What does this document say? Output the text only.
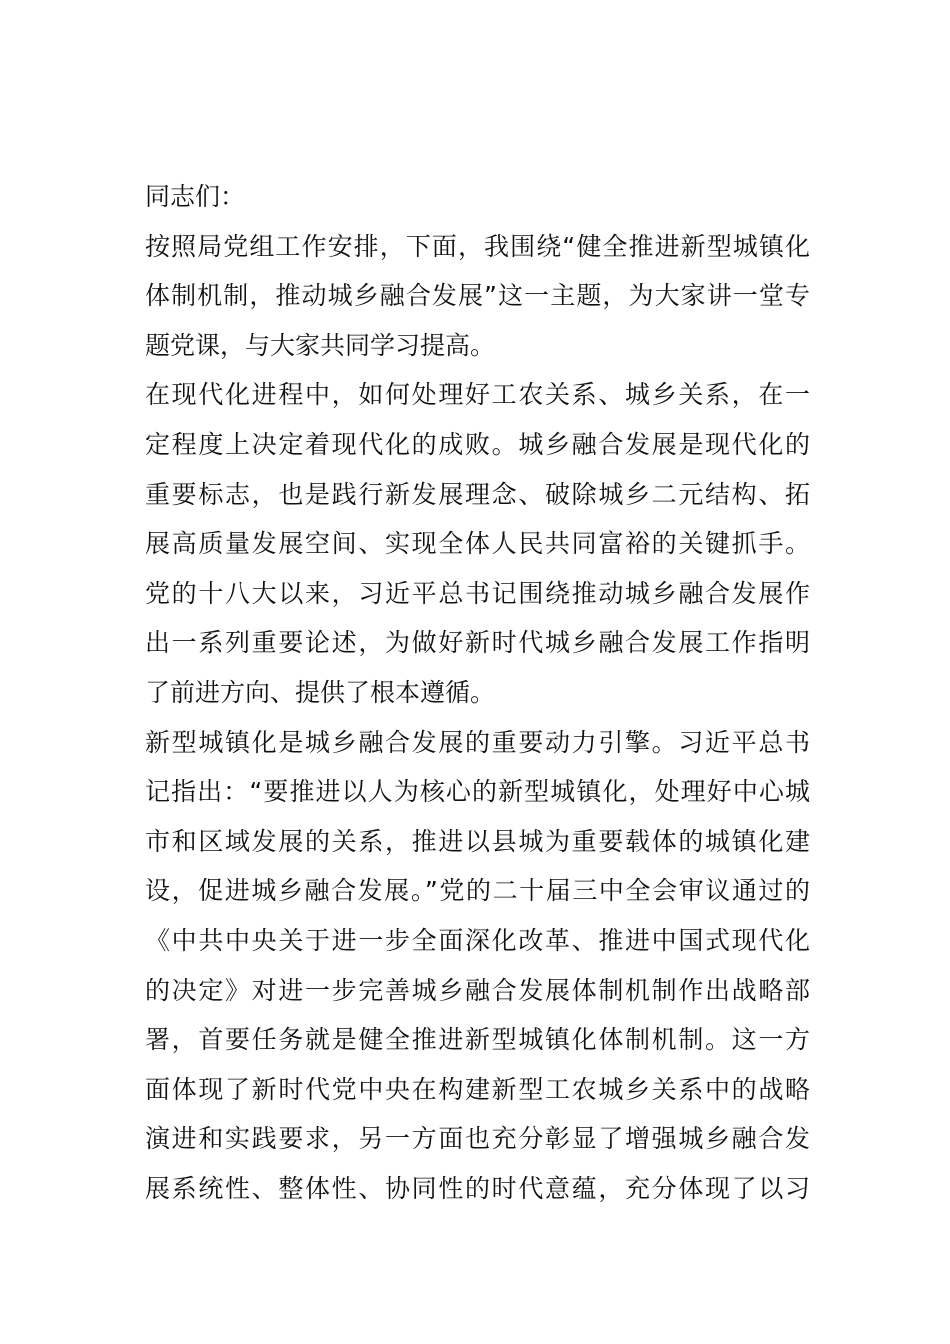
同志们：
按照局党组工作安排，下面，我围绕“健全推进新型城镇化
体制机制，推动城乡融合发展”这一主题，为大家讲一堂专
题党课，与大家共同学习提高。
在现代化进程中，如何处理好工农关系、城乡关系，在一
定程度上决定着现代化的成败。城乡融合发展是现代化的
重要标志，也是践行新发展理念、破除城乡二元结构、拓
展高质量发展空间、实现全体人民共同富裕的关键抓手。
党的十八大以来，习近平总书记围绕推动城乡融合发展作
出一系列重要论述，为做好新时代城乡融合发展工作指明
了前进方向、提供了根本遵循。
新型城镇化是城乡融合发展的重要动力引擎。习近平总书
记指出：“要推进以人为核心的新型城镇化，处理好中心城
市和区域发展的关系，推进以县城为重要载体的城镇化建
设，促进城乡融合发展。”党的二十届三中全会审议通过的
《中共中央关于进一步全面深化改革、推进中国式现代化
的决定》对进一步完善城乡融合发展体制机制作出战略部
署，首要任务就是健全推进新型城镇化体制机制。这一方
面体现了新时代党中央在构建新型工农城乡关系中的战略
演进和实践要求，另一方面也充分彰显了增强城乡融合发
展系统性、整体性、协同性的时代意蕴，充分体现了以习
